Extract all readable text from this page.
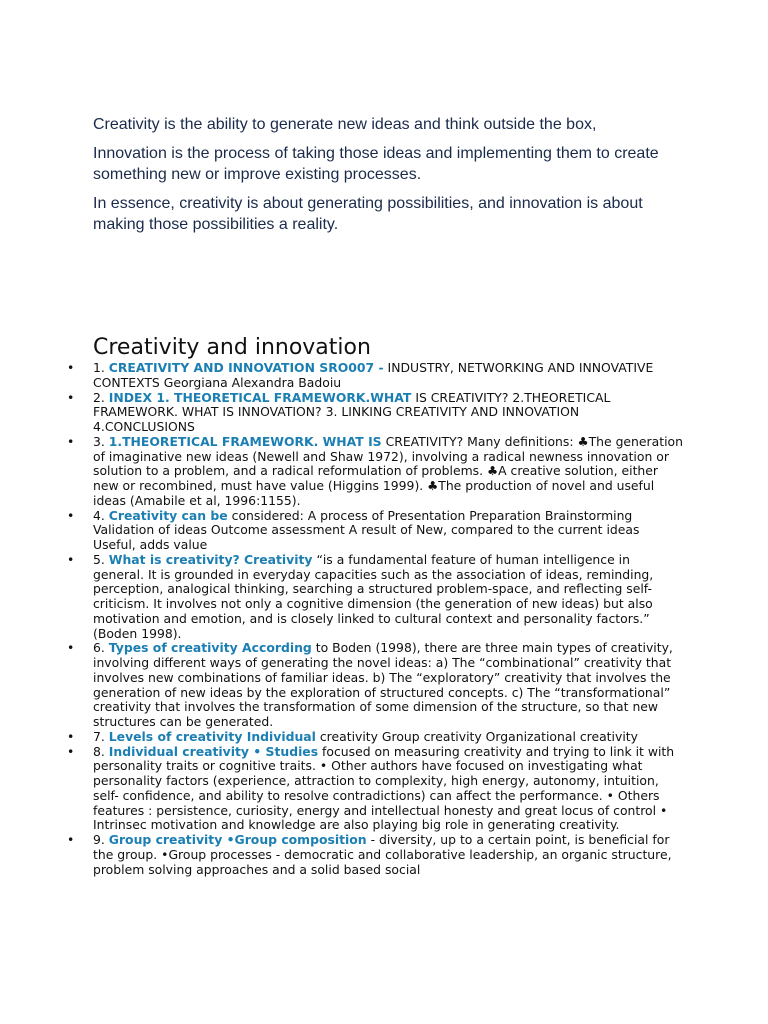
Creativity is the ability to generate new ideas and think outside the box,

Innovation is the process of taking those ideas and implementing them to create something new or improve existing processes.

In essence, creativity is about generating possibilities, and innovation is about making those possibilities a reality.

Creativity and innovation
• 1. CREATIVITY AND INNOVATION SRO007 - INDUSTRY, NETWORKING AND INNOVATIVE CONTEXTS Georgiana Alexandra Badoiu
• 2. INDEX 1. THEORETICAL FRAMEWORK.WHAT IS CREATIVITY? 2.THEORETICAL FRAMEWORK. WHAT IS INNOVATION? 3. LINKING CREATIVITY AND INNOVATION 4.CONCLUSIONS
• 3. 1.THEORETICAL FRAMEWORK. WHAT IS CREATIVITY? Many definitions: ♣The generation of imaginative new ideas (Newell and Shaw 1972), involving a radical newness innovation or solution to a problem, and a radical reformulation of problems. ♣A creative solution, either new or recombined, must have value (Higgins 1999). ♣The production of novel and useful ideas (Amabile et al, 1996:1155).
• 4. Creativity can be considered: A process of Presentation Preparation Brainstorming Validation of ideas Outcome assessment A result of New, compared to the current ideas Useful, adds value
• 5. What is creativity? Creativity “is a fundamental feature of human intelligence in general. It is grounded in everyday capacities such as the association of ideas, reminding, perception, analogical thinking, searching a structured problem-space, and reflecting self- criticism. It involves not only a cognitive dimension (the generation of new ideas) but also motivation and emotion, and is closely linked to cultural context and personality factors.” (Boden 1998).
• 6. Types of creativity According to Boden (1998), there are three main types of creativity, involving different ways of generating the novel ideas: a) The “combinational” creativity that involves new combinations of familiar ideas. b) The “exploratory” creativity that involves the generation of new ideas by the exploration of structured concepts. c) The “transformational” creativity that involves the transformation of some dimension of the structure, so that new structures can be generated.
• 7. Levels of creativity Individual creativity Group creativity Organizational creativity
• 8. Individual creativity • Studies focused on measuring creativity and trying to link it with personality traits or cognitive traits. • Other authors have focused on investigating what personality factors (experience, attraction to complexity, high energy, autonomy, intuition, self- confidence, and ability to resolve contradictions) can affect the performance. • Others features : persistence, curiosity, energy and intellectual honesty and great locus of control • Intrinsec motivation and knowledge are also playing big role in generating creativity.
• 9. Group creativity •Group composition - diversity, up to a certain point, is beneficial for the group. •Group processes - democratic and collaborative leadership, an organic structure, problem solving approaches and a solid based social
